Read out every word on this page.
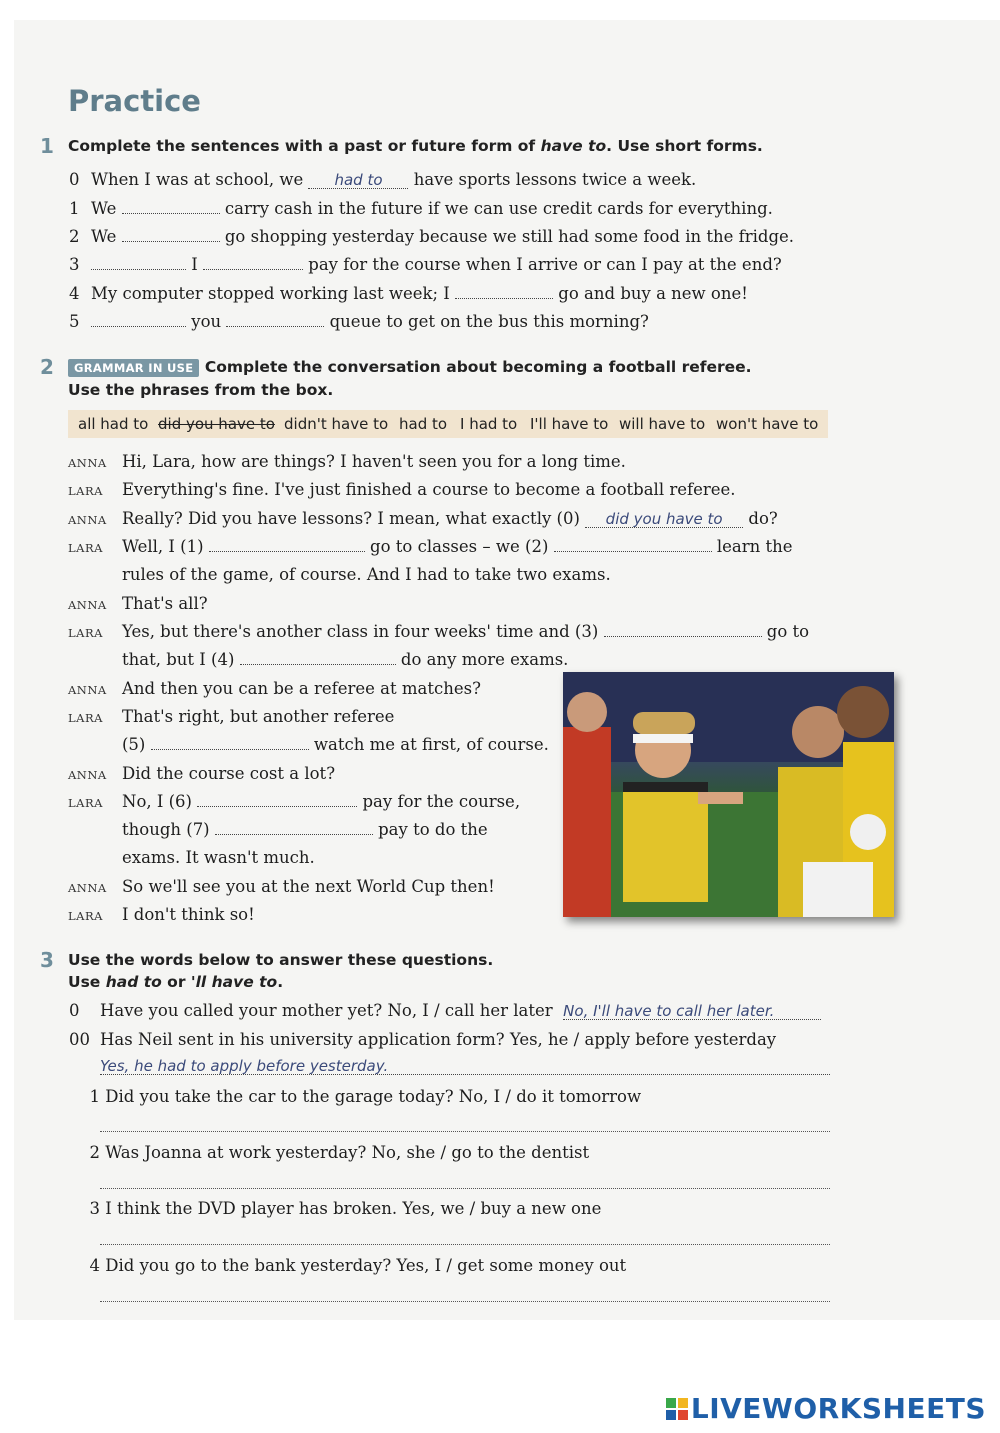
Practice
1 Complete the sentences with a past or future form of have to. Use short forms.
0 When I was at school, we had to have sports lessons twice a week.
1 We	carry cash in the future if we can use credit cards for everything.
2 We	go shopping yesterday because we still had some food in the fridge.
3	I	pay for the course when I arrive or can I pay at the end?
4 My computer stopped working last week; I	go and buy a new one!
5	you	queue to get on the bus this morning?
2	GRAMMAR IN USE Complete the conversation about becoming a football referee.
Use the phrases from the box.
all had to did you have to didn't have to had to I had to I'll have to will have to won't have to
ANNA Hi, Lara, how are things? I haven't seen you for a long time.
LARA Everything's fine. I've just finished a course to become a football referee.
ANNA Really? Did you have lessons? I mean, what exactly (0) did you have to do?
LARA Well, I (1)	go to classes – we (2)	learn the
rules of the game, of course. And I had to take two exams.
ANNA That's all?
LARA Yes, but there's another class in four weeks' time and (3)	go to
that, but I (4)	do any more exams.
ANNA And then you can be a referee at matches?
LARA That's right, but another referee
(5)	watch me at first, of course.
ANNA Did the course cost a lot?
LARA No, I (6)	pay for the course,
though (7)	pay to do the
exams. It wasn't much.
ANNA So we'll see you at the next World Cup then!
LARA I don't think so!
3 Use the words below to answer these questions.
Use had to or 'll have to.
0 Have you called your mother yet? No, I / call her later No, I'll have to call her later.
00 Has Neil sent in his university application form? Yes, he / apply before yesterday
Yes, he had to apply before yesterday.
1 Did you take the car to the garage today? No, I / do it tomorrow
2 Was Joanna at work yesterday? No, she / go to the dentist
3 I think the DVD player has broken. Yes, we / buy a new one
4 Did you go to the bank yesterday? Yes, I / get some money out
LIVEWORKSHEETS
